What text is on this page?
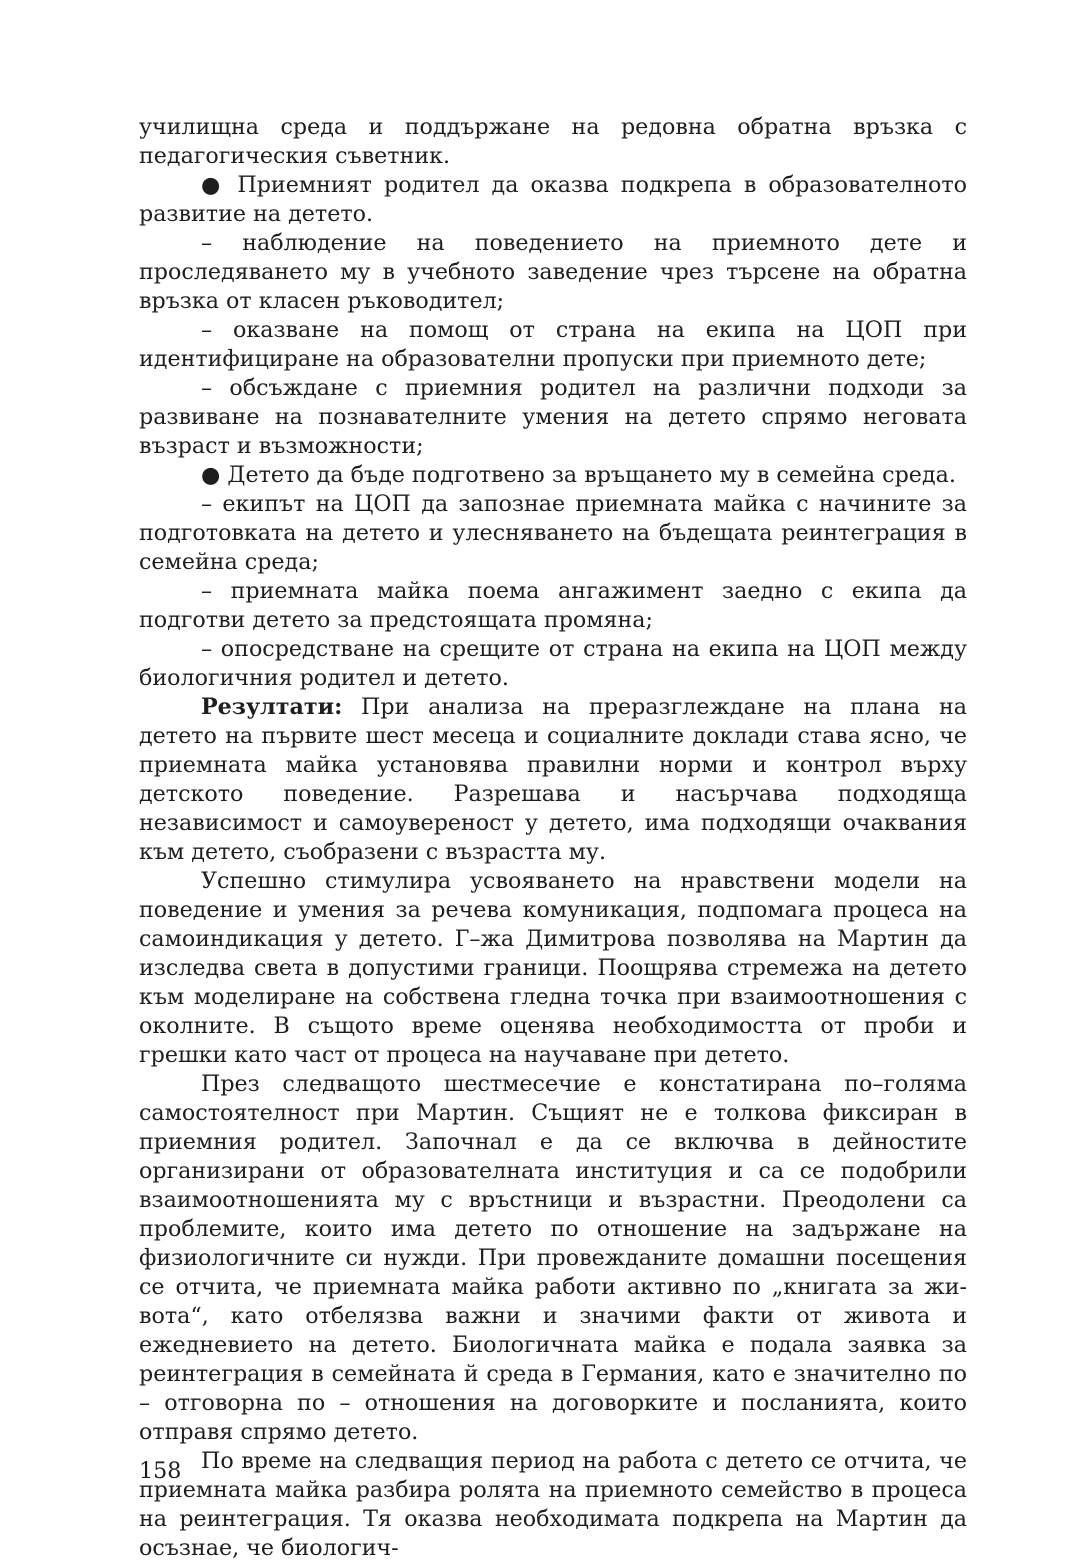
училищна среда и поддържане на редовна обратна връзка с педагогическия съветник.

● Приемният родител да оказва подкрепа в образователното развитие на детето.

– наблюдение на поведението на приемното дете и проследяването му в учебното заведение чрез търсене на обратна връзка от класен ръководител;

– оказване на помощ от страна на екипа на ЦОП при идентифициране на образователни пропуски при приемното дете;

– обсъждане с приемния родител на различни подходи за развиване на познавателните умения на детето спрямо неговата възраст и възможности;

● Детето да бъде подготвено за връщането му в семейна среда.

– екипът на ЦОП да запознае приемната майка с начините за подготовката на детето и улесняването на бъдещата реинтеграция в семейна среда;

– приемната майка поема ангажимент заедно с екипа да подготви детето за предстоящата промяна;

– опосредстване на срещите от страна на екипа на ЦОП между биологичния родител и детето.

Резултати: При анализа на преразглеждане на плана на детето на първите шест месеца и социалните доклади става ясно, че приемната майка установява правилни норми и контрол върху детското поведение. Разрешава и насърчава подходяща независимост и самоувереност у детето, има подходящи очаквания към детето, съобразени с възрастта му.

Успешно стимулира усвояването на нравствени модели на поведение и умения за речева комуникация, подпомага процеса на самоиндикация у детето. Г–жа Димитрова позволява на Мартин да изследва света в допустими граници. Поощрява стремежа на детето към моделиране на собствена гледна точка при взаимоотношения с околните. В същото време оценява необходимостта от проби и грешки като част от процеса на научаване при детето.

През следващото шестмесечие е констатирана по–голяма самостоятелност при Мартин. Същият не е толкова фиксиран в приемния родител. Започнал е да се включва в дейностите организирани от образователната институция и са се подобрили взаимоотношенията му с връстници и възрастни. Преодолени са проблемите, които има детето по отношение на задържане на физиологичните си нужди. При провежданите домашни посещения се отчита, че приемната майка работи активно по „книгата за живота“, като отбелязва важни и значими факти от живота и ежедневието на детето. Биологичната майка е подала заявка за реинтеграция в семейната й среда в Германия, като е значително по – отговорна по – отношения на договорките и посланията, които отправя спрямо детето.

По време на следващия период на работа с детето се отчита, че приемната майка разбира ролята на приемното семейство в процеса на реинтеграция. Тя оказва необходимата подкрепа на Мартин да осъзнае, че биологич-

158
